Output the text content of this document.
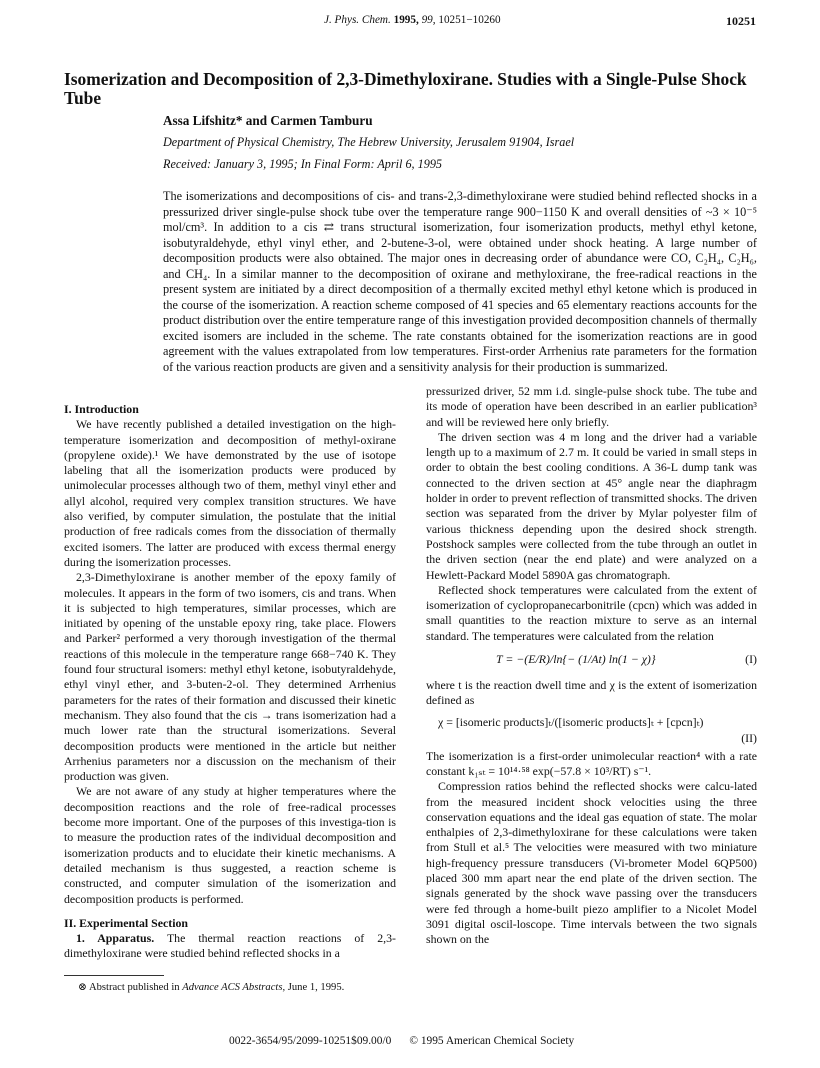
J. Phys. Chem. 1995, 99, 10251−10260	10251
Isomerization and Decomposition of 2,3-Dimethyloxirane. Studies with a Single-Pulse Shock Tube
Assa Lifshitz* and Carmen Tamburu
Department of Physical Chemistry, The Hebrew University, Jerusalem 91904, Israel
Received: January 3, 1995; In Final Form: April 6, 1995
The isomerizations and decompositions of cis- and trans-2,3-dimethyloxirane were studied behind reflected shocks in a pressurized driver single-pulse shock tube over the temperature range 900−1150 K and overall densities of ~3 × 10⁻⁵ mol/cm³. In addition to a cis ⇄ trans structural isomerization, four isomerization products, methyl ethyl ketone, isobutyraldehyde, ethyl vinyl ether, and 2-butene-3-ol, were obtained under shock heating. A large number of decomposition products were also obtained. The major ones in decreasing order of abundance were CO, C₂H₄, C₂H₆, and CH₄. In a similar manner to the decomposition of oxirane and methyloxirane, the free-radical reactions in the present system are initiated by a direct decomposition of a thermally excited methyl ethyl ketone which is produced in the course of the isomerization. A reaction scheme composed of 41 species and 65 elementary reactions accounts for the product distribution over the entire temperature range of this investigation provided decomposition channels of thermally excited isomers are included in the scheme. The rate constants obtained for the isomerization reactions are in good agreement with the values extrapolated from low temperatures. First-order Arrhenius rate parameters for the formation of the various reaction products are given and a sensitivity analysis for their production is summarized.

I. Introduction

We have recently published a detailed investigation on the high-temperature isomerization and decomposition of methyl-oxirane (propylene oxide).¹ We have demonstrated by the use of isotope labeling that all the isomerization products were produced by unimolecular processes although two of them, methyl vinyl ether and allyl alcohol, required very complex transition structures. We have also verified, by computer simulation, the postulate that the initial production of free radicals comes from the dissociation of thermally excited isomers. The latter are produced with excess thermal energy during the isomerization processes.

2,3-Dimethyloxirane is another member of the epoxy family of molecules. It appears in the form of two isomers, cis and trans. When it is subjected to high temperatures, similar processes, which are initiated by opening of the unstable epoxy ring, take place. Flowers and Parker² performed a very thorough investigation of the thermal reactions of this molecule in the temperature range 668−740 K. They found four structural isomers: methyl ethyl ketone, isobutyraldehyde, ethyl vinyl ether, and 3-buten-2-ol. They determined Arrhenius parameters for the rates of their formation and discussed their kinetic mechanism. They also found that the cis → trans isomerization had a much lower rate than the structural isomerizations. Several decomposition products were mentioned in the article but neither Arrhenius parameters nor a discussion on the mechanism of their production was given.

We are not aware of any study at higher temperatures where the decomposition reactions and the role of free-radical processes become more important. One of the purposes of this investiga-tion is to measure the production rates of the individual decomposition and isomerization products and to elucidate their kinetic mechanisms. A detailed mechanism is thus suggested, a reaction scheme is constructed, and computer simulation of the isomerization and decomposition products is performed.

II. Experimental Section

1. Apparatus. The thermal reaction reactions of 2,3-dimethyloxirane were studied behind reflected shocks in a

pressurized driver, 52 mm i.d. single-pulse shock tube. The tube and its mode of operation have been described in an earlier publication³ and will be reviewed here only briefly.

The driven section was 4 m long and the driver had a variable length up to a maximum of 2.7 m. It could be varied in small steps in order to obtain the best cooling conditions. A 36-L dump tank was connected to the driven section at 45° angle near the diaphragm holder in order to prevent reflection of transmitted shocks. The driven section was separated from the driver by Mylar polyester film of various thickness depending upon the desired shock strength. Postshock samples were collected from the tube through an outlet in the driven section (near the end plate) and were analyzed on a Hewlett-Packard Model 5890A gas chromatograph.

Reflected shock temperatures were calculated from the extent of isomerization of cyclopropanecarbonitrile (cpcn) which was added in small quantities to the reaction mixture to serve as an internal standard. The temperatures were calculated from the relation

T = −(E/R)/ln{− (1/At) ln(1 − χ)}	(I)

where t is the reaction dwell time and χ is the extent of isomerization defined as

χ = [isomeric products]ₜ/([isomeric products]ₜ + [cpcn]ₜ)
(II)

The isomerization is a first-order unimolecular reaction⁴ with a rate constant k₁ₛₜ = 10¹⁴·⁵⁸ exp(−57.8 × 10³/RT) s⁻¹.

Compression ratios behind the reflected shocks were calcu-lated from the measured incident shock velocities using the three conservation equations and the ideal gas equation of state. The molar enthalpies of 2,3-dimethyloxirane for these calculations were taken from Stull et al.⁵ The velocities were measured with two miniature high-frequency pressure transducers (Vi-brometer Model 6QP500) placed 300 mm apart near the end plate of the driven section. The signals generated by the shock wave passing over the transducers were fed through a home-built piezo amplifier to a Nicolet Model 3091 digital oscil-loscope. Time intervals between the two signals shown on the

⊗ Abstract published in Advance ACS Abstracts, June 1, 1995.
0022-3654/95/2099-10251$09.00/0 © 1995 American Chemical Society
